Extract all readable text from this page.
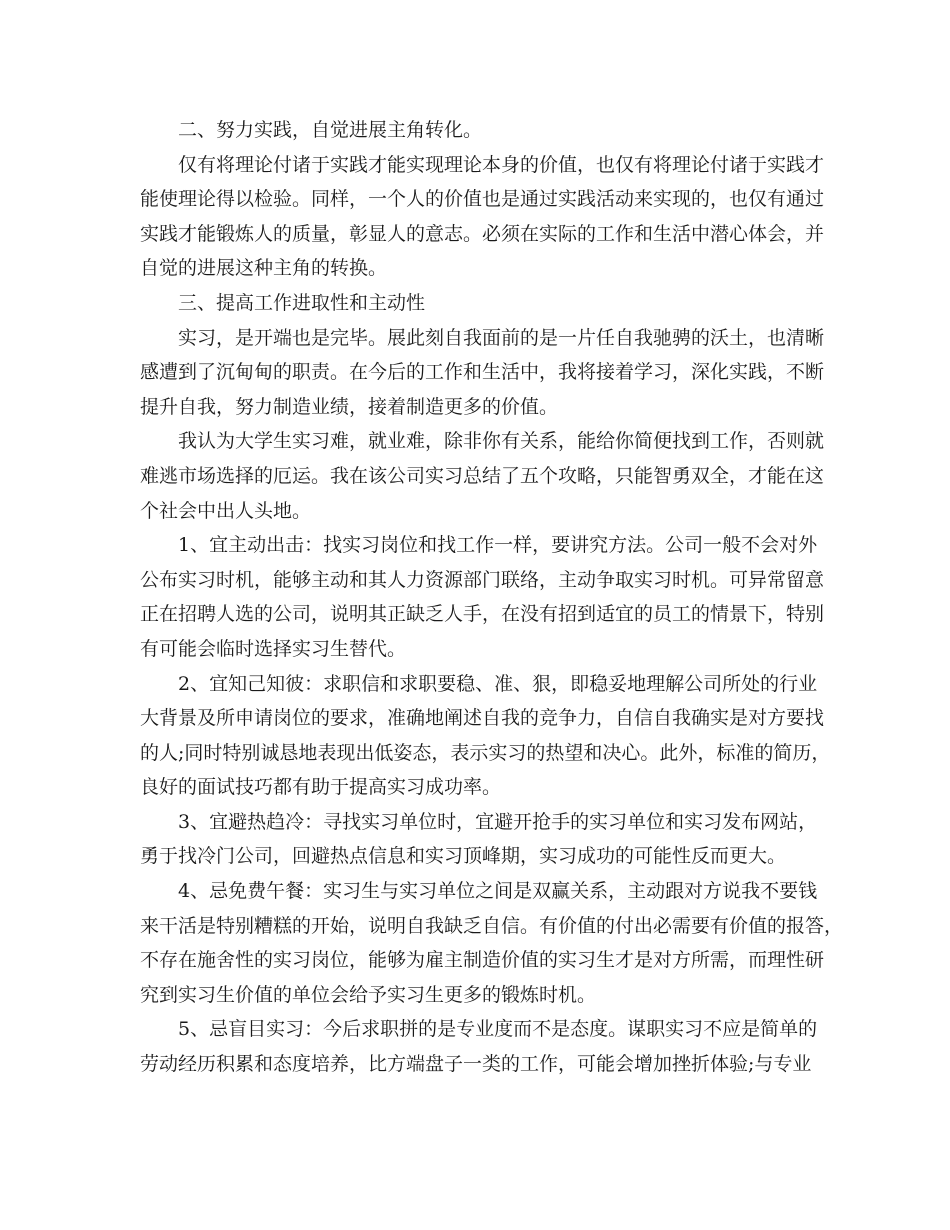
二、努力实践，自觉进展主角转化。
仅有将理论付诸于实践才能实现理论本身的价值，也仅有将理论付诸于实践才
能使理论得以检验。同样，一个人的价值也是通过实践活动来实现的，也仅有通过
实践才能锻炼人的质量，彰显人的意志。必须在实际的工作和生活中潜心体会，并
自觉的进展这种主角的转换。
三、提高工作进取性和主动性
实习，是开端也是完毕。展此刻自我面前的是一片任自我驰骋的沃土，也清晰
感遭到了沉甸甸的职责。在今后的工作和生活中，我将接着学习，深化实践，不断
提升自我，努力制造业绩，接着制造更多的价值。
我认为大学生实习难，就业难，除非你有关系，能给你简便找到工作，否则就
难逃市场选择的厄运。我在该公司实习总结了五个攻略，只能智勇双全，才能在这
个社会中出人头地。
1、宜主动出击：找实习岗位和找工作一样，要讲究方法。公司一般不会对外
公布实习时机，能够主动和其人力资源部门联络，主动争取实习时机。可异常留意
正在招聘人选的公司，说明其正缺乏人手，在没有招到适宜的员工的情景下，特别
有可能会临时选择实习生替代。
2、宜知己知彼：求职信和求职要稳、准、狠，即稳妥地理解公司所处的行业
大背景及所申请岗位的要求，准确地阐述自我的竞争力，自信自我确实是对方要找
的人;同时特别诚恳地表现出低姿态，表示实习的热望和决心。此外，标准的简历，
良好的面试技巧都有助于提高实习成功率。
3、宜避热趋冷：寻找实习单位时，宜避开抢手的实习单位和实习发布网站，
勇于找冷门公司，回避热点信息和实习顶峰期，实习成功的可能性反而更大。
4、忌免费午餐：实习生与实习单位之间是双赢关系，主动跟对方说我不要钱
来干活是特别糟糕的开始，说明自我缺乏自信。有价值的付出必需要有价值的报答，
不存在施舍性的实习岗位，能够为雇主制造价值的实习生才是对方所需，而理性研
究到实习生价值的单位会给予实习生更多的锻炼时机。
5、忌盲目实习：今后求职拼的是专业度而不是态度。谋职实习不应是简单的
劳动经历积累和态度培养，比方端盘子一类的工作，可能会增加挫折体验;与专业
